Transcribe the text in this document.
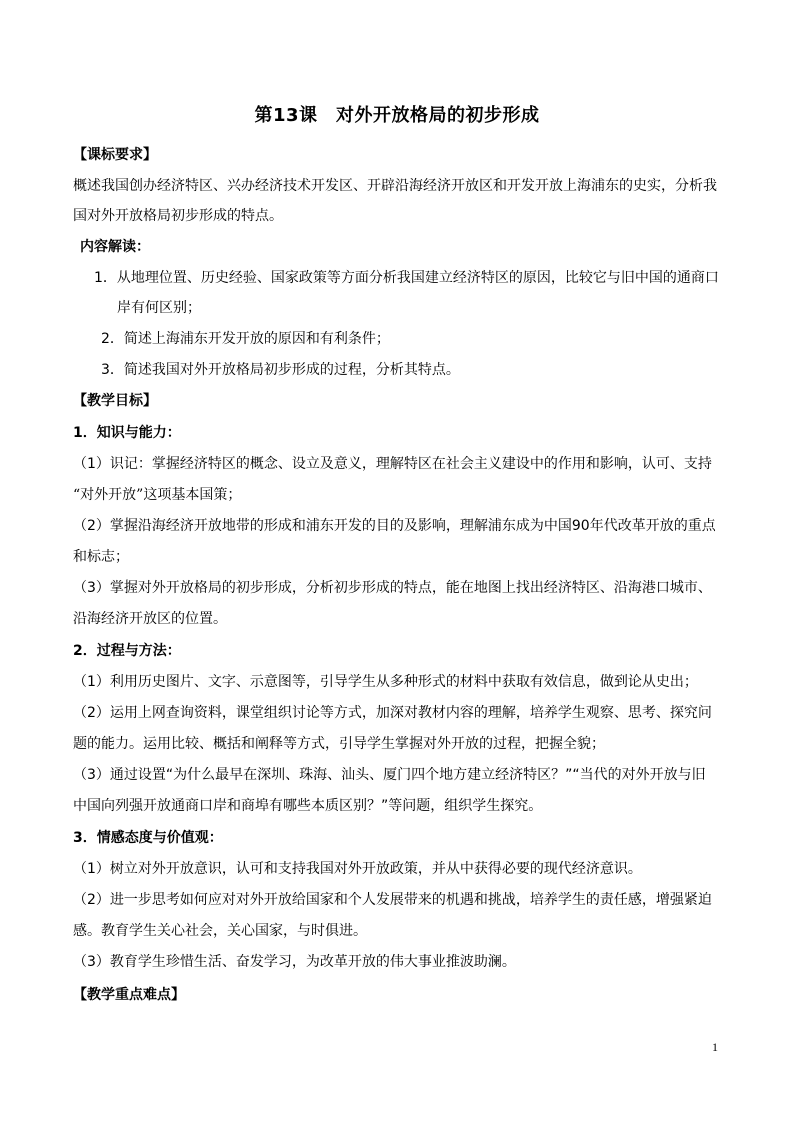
第13课　对外开放格局的初步形成
【课标要求】
概述我国创办经济特区、兴办经济技术开发区、开辟沿海经济开放区和开发开放上海浦东的史实，分析我
国对外开放格局初步形成的特点。
内容解读：
1．从地理位置、历史经验、国家政策等方面分析我国建立经济特区的原因，比较它与旧中国的通商口
岸有何区别；
2．简述上海浦东开发开放的原因和有利条件；
3．简述我国对外开放格局初步形成的过程，分析其特点。
【教学目标】
1．知识与能力：
（1）识记：掌握经济特区的概念、设立及意义，理解特区在社会主义建设中的作用和影响，认可、支持
“对外开放”这项基本国策；
（2）掌握沿海经济开放地带的形成和浦东开发的目的及影响，理解浦东成为中国90年代改革开放的重点
和标志；
（3）掌握对外开放格局的初步形成，分析初步形成的特点，能在地图上找出经济特区、沿海港口城市、
沿海经济开放区的位置。
2．过程与方法：
（1）利用历史图片、文字、示意图等，引导学生从多种形式的材料中获取有效信息，做到论从史出；
（2）运用上网查询资料，课堂组织讨论等方式，加深对教材内容的理解，培养学生观察、思考、探究问
题的能力。运用比较、概括和阐释等方式，引导学生掌握对外开放的过程，把握全貌；
（3）通过设置“为什么最早在深圳、珠海、汕头、厦门四个地方建立经济特区？”“当代的对外开放与旧
中国向列强开放通商口岸和商埠有哪些本质区别？”等问题，组织学生探究。
3．情感态度与价值观：
（1）树立对外开放意识，认可和支持我国对外开放政策，并从中获得必要的现代经济意识。
（2）进一步思考如何应对对外开放给国家和个人发展带来的机遇和挑战，培养学生的责任感，增强紧迫
感。教育学生关心社会，关心国家，与时俱进。
（3）教育学生珍惜生活、奋发学习，为改革开放的伟大事业推波助澜。
【教学重点难点】
1
